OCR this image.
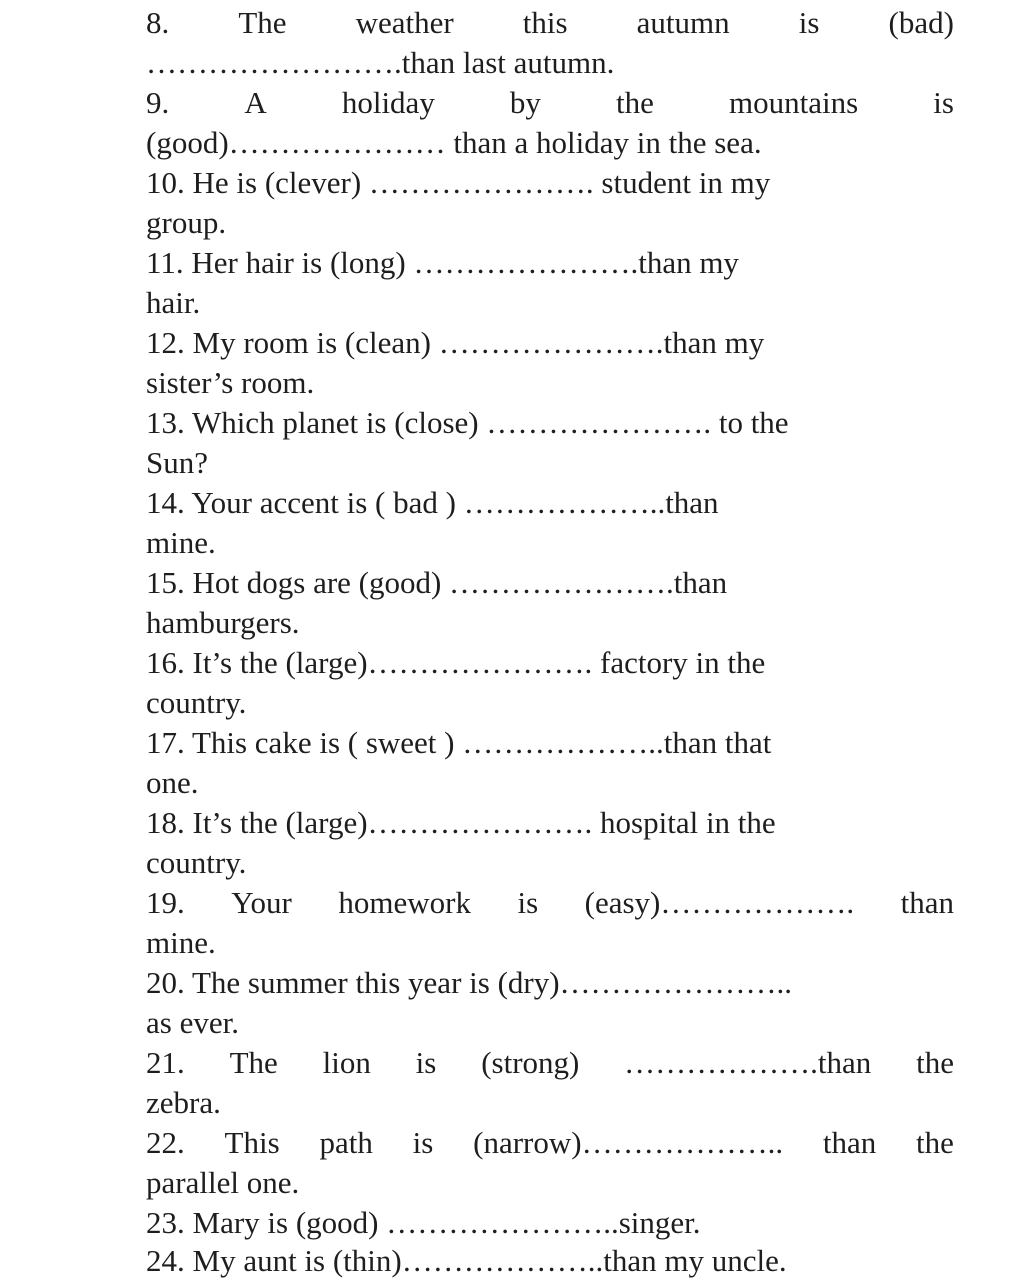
8. The weather this autumn is (bad)
…………………….than last autumn.
9. A holiday by the mountains is
(good)………………… than a holiday in the sea.
10. He is (clever) …………………. student in my
group.
11. Her hair is (long) ………………….than my
hair.
12. My room is (clean) ………………….than my
sister’s room.
13. Which planet is (close) …………………. to the
Sun?
14. Your accent is ( bad ) ………………..than
mine.
15. Hot dogs are (good) ………………….than
hamburgers.
16. It’s the (large)…………………. factory in the
country.
17. This cake is ( sweet ) ………………..than that
one.
18. It’s the (large)…………………. hospital in the
country.
19. Your homework is (easy)………………. than
mine.
20. The summer this year is (dry)…………………..
as ever.
21. The lion is (strong) ……………….than the
zebra.
22. This path is (narrow)……………….. than the
parallel one.
23. Mary is (good) …………………..singer.
24. My aunt is (thin)………………..than my uncle.
